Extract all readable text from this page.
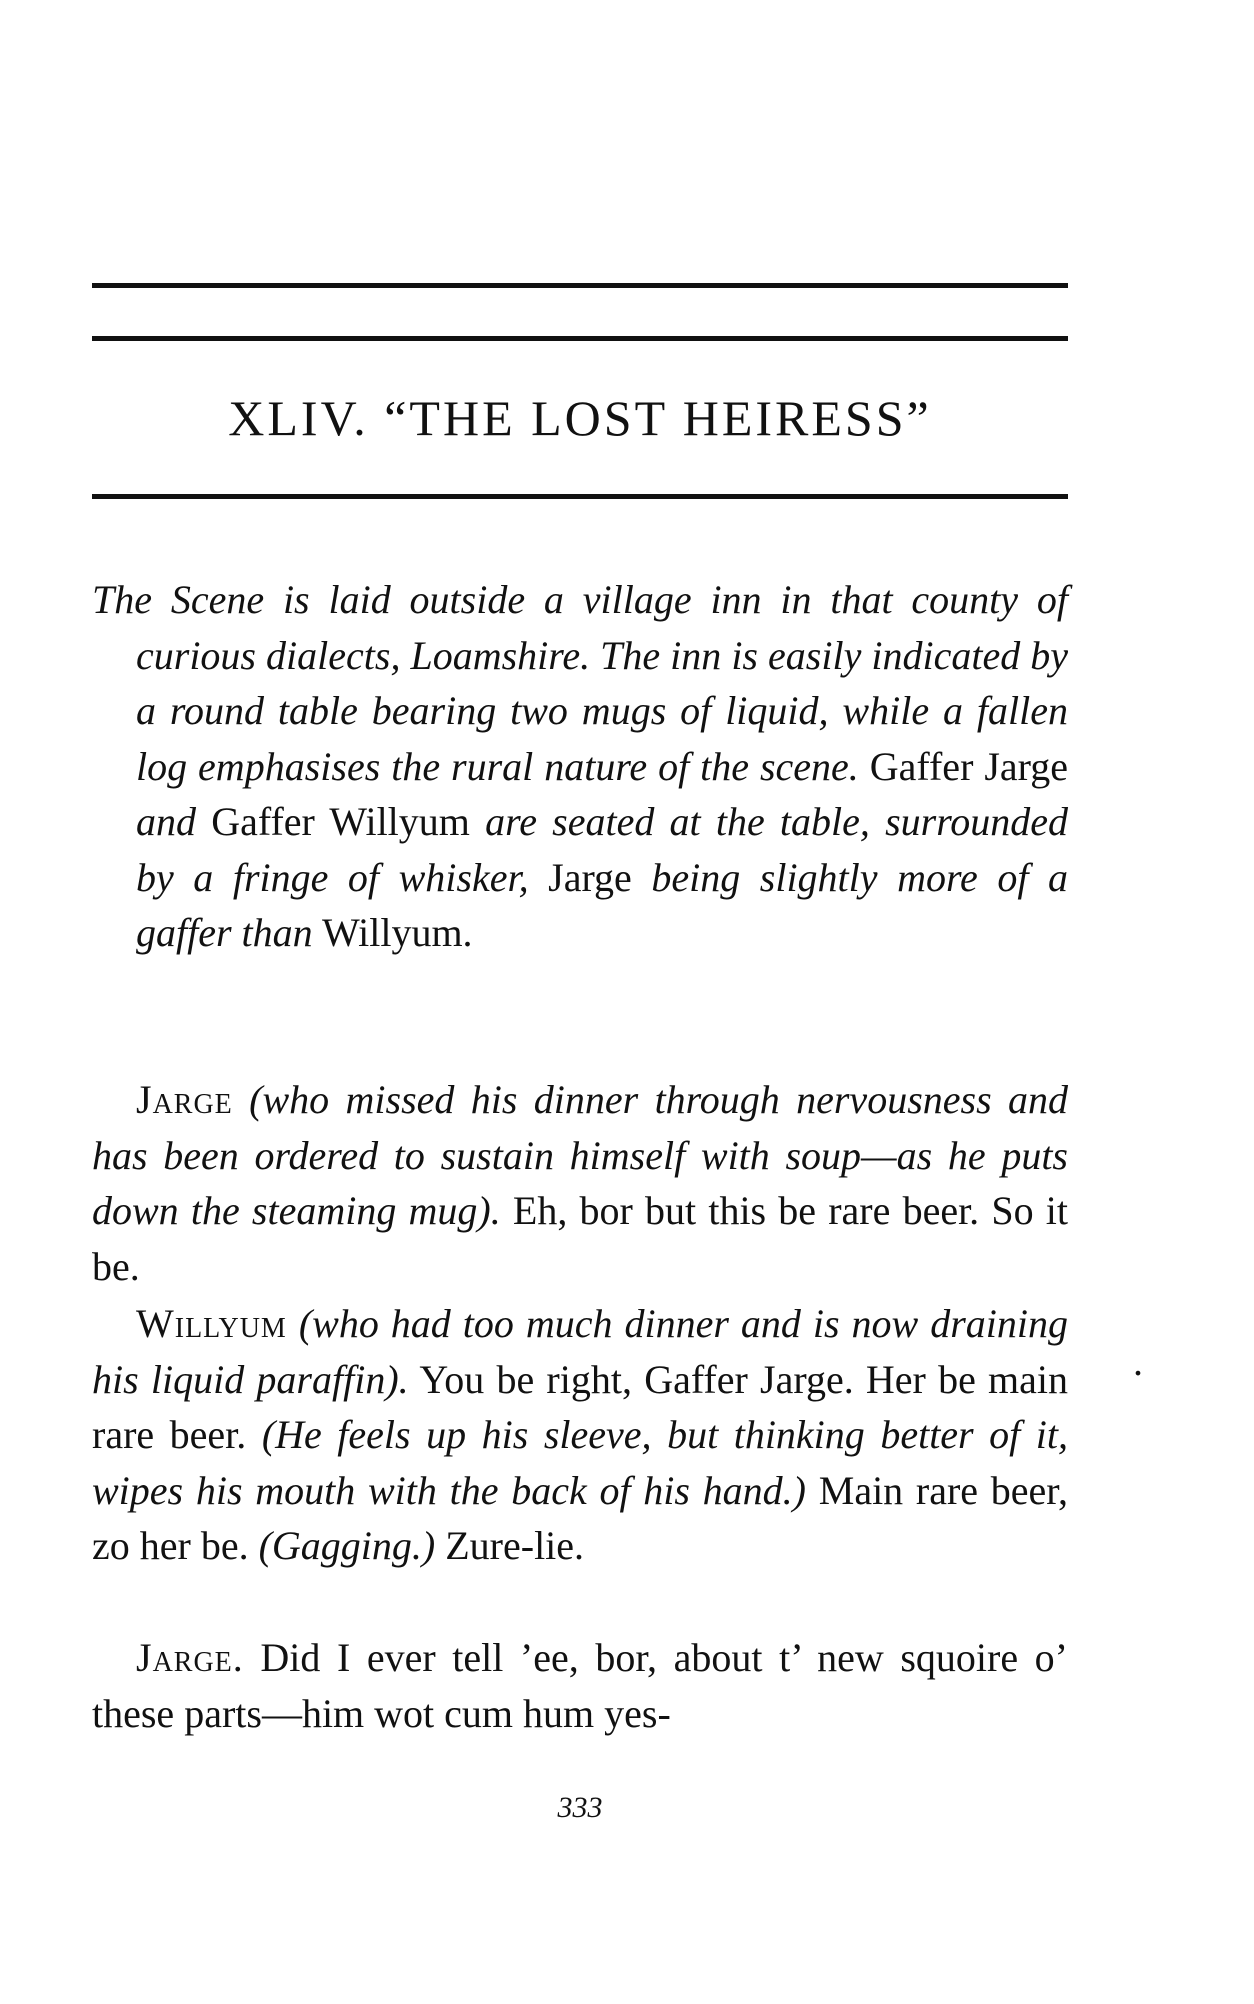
XLIV. “THE LOST HEIRESS”
The Scene is laid outside a village inn in that county of curious dialects, Loamshire. The inn is easily indicated by a round table bearing two mugs of liquid, while a fallen log emphasises the rural nature of the scene. Gaffer Jarge and Gaffer Willyum are seated at the table, surrounded by a fringe of whisker, Jarge being slightly more of a gaffer than Willyum.
Jarge (who missed his dinner through nervousness and has been ordered to sustain himself with soup—as he puts down the steaming mug). Eh, bor but this be rare beer. So it be.
Willyum (who had too much dinner and is now draining his liquid paraffin). You be right, Gaffer Jarge. Her be main rare beer. (He feels up his sleeve, but thinking better of it, wipes his mouth with the back of his hand.) Main rare beer, zo her be. (Gagging.) Zure-lie.
Jarge. Did I ever tell ’ee, bor, about t’ new squoire o’ these parts—him wot cum hum yes-
333
.
